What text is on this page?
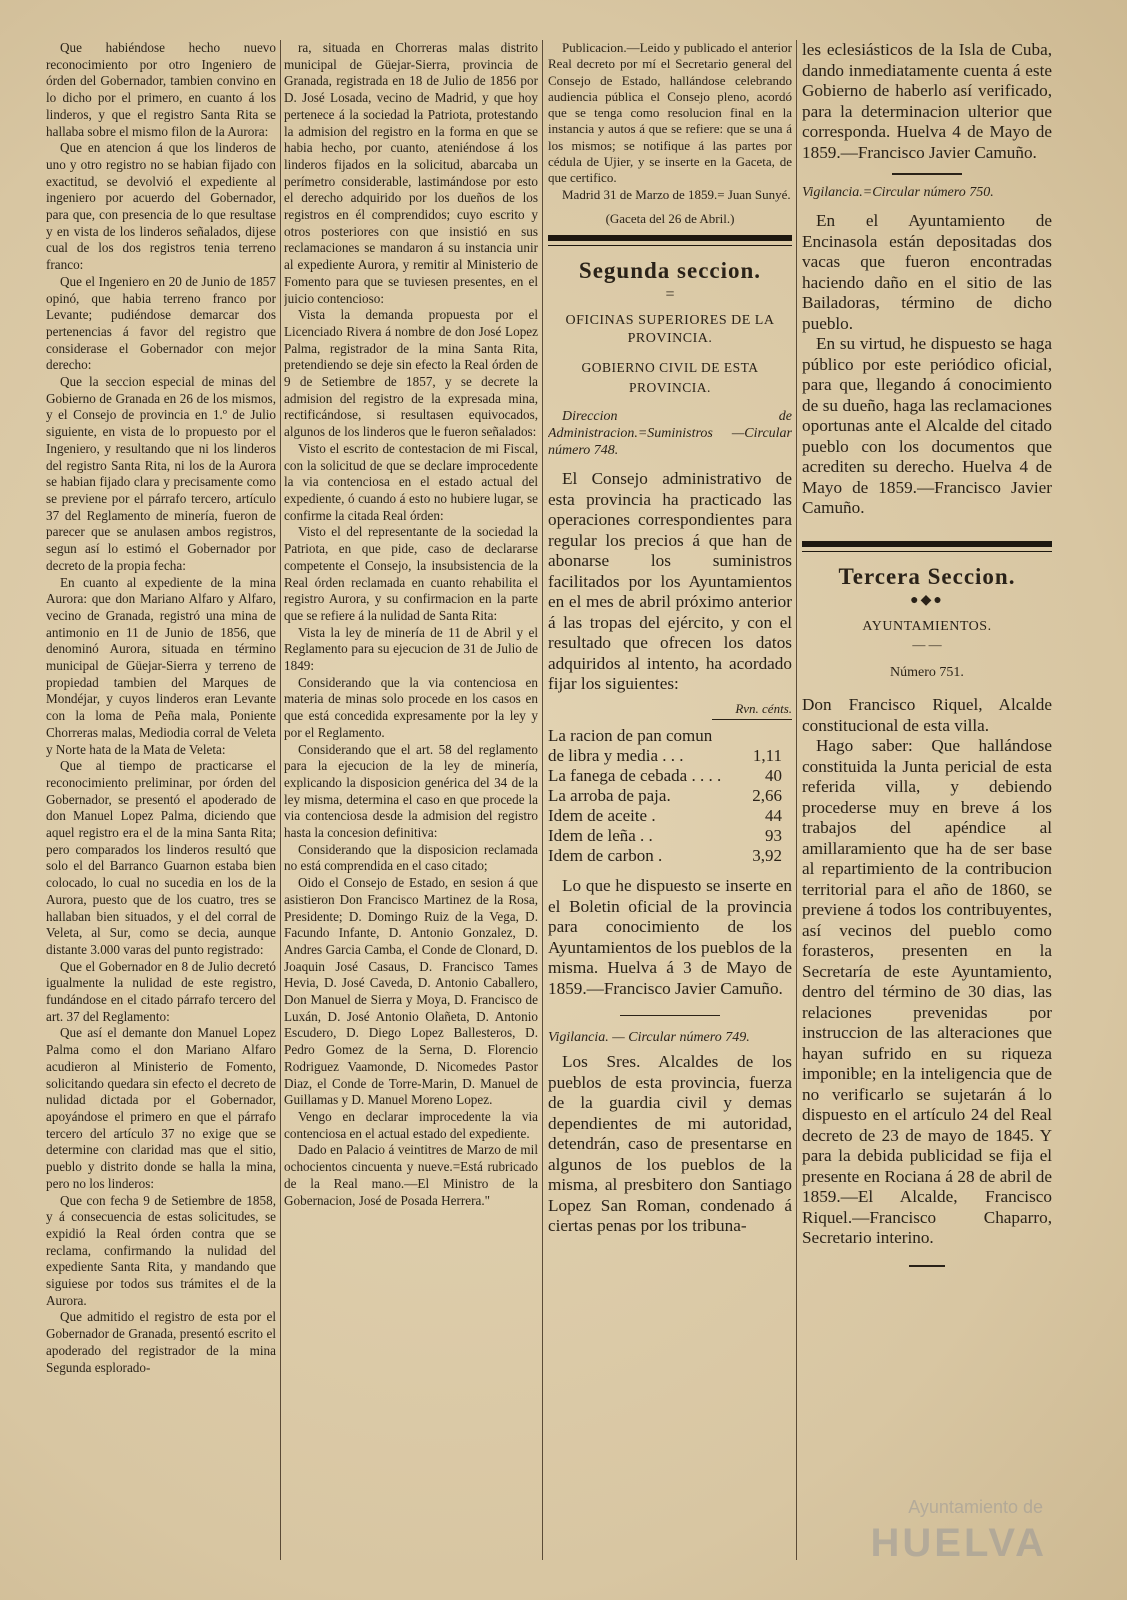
Que habiéndose hecho nuevo reconocimiento por otro Ingeniero de órden del Gobernador, tambien convino en lo dicho por el primero, en cuanto á los linderos, y que el registro Santa Rita se hallaba sobre el mismo filon de la Aurora:

Que en atencion á que los linderos de uno y otro registro no se habian fijado con exactitud, se devolvió el expediente al ingeniero por acuerdo del Gobernador, para que, con presencia de lo que resultase y en vista de los linderos señalados, dijese cual de los dos registros tenia terreno franco:

Que el Ingeniero en 20 de Junio de 1857 opinó, que habia terreno franco por Levante; pudiéndose demarcar dos pertenencias á favor del registro que considerase el Gobernador con mejor derecho:

Que la seccion especial de minas del Gobierno de Granada en 26 de los mismos, y el Consejo de provincia en 1.º de Julio siguiente, en vista de lo propuesto por el Ingeniero, y resultando que ni los linderos del registro Santa Rita, ni los de la Aurora se habian fijado clara y precisamente como se previene por el párrafo tercero, artículo 37 del Reglamento de minería, fueron de parecer que se anulasen ambos registros, segun así lo estimó el Gobernador por decreto de la propia fecha:

En cuanto al expediente de la mina Aurora: que don Mariano Alfaro y Alfaro, vecino de Granada, registró una mina de antimonio en 11 de Junio de 1856, que denominó Aurora, situada en término municipal de Güejar-Sierra y terreno de propiedad tambien del Marques de Mondéjar, y cuyos linderos eran Levante con la loma de Peña mala, Poniente Chorreras malas, Mediodia corral de Veleta y Norte hata de la Mata de Veleta:

Que al tiempo de practicarse el reconocimiento preliminar, por órden del Gobernador, se presentó el apoderado de don Manuel Lopez Palma, diciendo que aquel registro era el de la mina Santa Rita; pero comparados los linderos resultó que solo el del Barranco Guarnon estaba bien colocado, lo cual no sucedia en los de la Aurora, puesto que de los cuatro, tres se hallaban bien situados, y el del corral de Veleta, al Sur, como se decia, aunque distante 3.000 varas del punto registrado:

Que el Gobernador en 8 de Julio decretó igualmente la nulidad de este registro, fundándose en el citado párrafo tercero del art. 37 del Reglamento:

Que así el demante don Manuel Lopez Palma como el don Mariano Alfaro acudieron al Ministerio de Fomento, solicitando quedara sin efecto el decreto de nulidad dictada por el Gobernador, apoyándose el primero en que el párrafo tercero del artículo 37 no exige que se determine con claridad mas que el sitio, pueblo y distrito donde se halla la mina, pero no los linderos:

Que con fecha 9 de Setiembre de 1858, y á consecuencia de estas solicitudes, se expidió la Real órden contra que se reclama, confirmando la nulidad del expediente Santa Rita, y mandando que siguiese por todos sus trámites el de la Aurora.

Que admitido el registro de esta por el Gobernador de Granada, presentó escrito el apoderado del registrador de la mina Segunda esplorado-

ra, situada en Chorreras malas distrito municipal de Güejar-Sierra, provincia de Granada, registrada en 18 de Julio de 1856 por D. José Losada, vecino de Madrid, y que hoy pertenece á la sociedad la Patriota, protestando la admision del registro en la forma en que se habia hecho, por cuanto, ateniéndose á los linderos fijados en la solicitud, abarcaba un perímetro considerable, lastimándose por esto el derecho adquirido por los dueños de los registros en él comprendidos; cuyo escrito y otros posteriores con que insistió en sus reclamaciones se mandaron á su instancia unir al expediente Aurora, y remitir al Ministerio de Fomento para que se tuviesen presentes, en el juicio contencioso:

Vista la demanda propuesta por el Licenciado Rivera á nombre de don José Lopez Palma, registrador de la mina Santa Rita, pretendiendo se deje sin efecto la Real órden de 9 de Setiembre de 1857, y se decrete la admision del registro de la expresada mina, rectificándose, si resultasen equivocados, algunos de los linderos que le fueron señalados:

Visto el escrito de contestacion de mi Fiscal, con la solicitud de que se declare improcedente la via contenciosa en el estado actual del expediente, ó cuando á esto no hubiere lugar, se confirme la citada Real órden:

Visto el del representante de la sociedad la Patriota, en que pide, caso de declararse competente el Consejo, la insubsistencia de la Real órden reclamada en cuanto rehabilita el registro Aurora, y su confirmacion en la parte que se refiere á la nulidad de Santa Rita:

Vista la ley de minería de 11 de Abril y el Reglamento para su ejecucion de 31 de Julio de 1849:

Considerando que la via contenciosa en materia de minas solo procede en los casos en que está concedida expresamente por la ley y por el Reglamento.

Considerando que el art. 58 del reglamento para la ejecucion de la ley de minería, explicando la disposicion genérica del 34 de la ley misma, determina el caso en que procede la via contenciosa desde la admision del registro hasta la concesion definitiva:

Considerando que la disposicion reclamada no está comprendida en el caso citado;

Oido el Consejo de Estado, en sesion á que asistieron Don Francisco Martinez de la Rosa, Presidente; D. Domingo Ruiz de la Vega, D. Facundo Infante, D. Antonio Gonzalez, D. Andres Garcia Camba, el Conde de Clonard, D. Joaquin José Casaus, D. Francisco Tames Hevia, D. José Caveda, D. Antonio Caballero, Don Manuel de Sierra y Moya, D. Francisco de Luxán, D. José Antonio Olañeta, D. Antonio Escudero, D. Diego Lopez Ballesteros, D. Pedro Gomez de la Serna, D. Florencio Rodriguez Vaamonde, D. Nicomedes Pastor Diaz, el Conde de Torre-Marin, D. Manuel de Guillamas y D. Manuel Moreno Lopez.

Vengo en declarar improcedente la via contenciosa en el actual estado del expediente.

Dado en Palacio á veintitres de Marzo de mil ochocientos cincuenta y nueve.=Está rubricado de la Real mano.—El Ministro de la Gobernacion, José de Posada Herrera."

Publicacion.—Leido y publicado el anterior Real decreto por mí el Secretario general del Consejo de Estado, hallándose celebrando audiencia pública el Consejo pleno, acordó que se tenga como resolucion final en la instancia y autos á que se refiere: que se una á los mismos; se notifique á las partes por cédula de Ujier, y se inserte en la Gaceta, de que certifico.

Madrid 31 de Marzo de 1859.= Juan Sunyé.

(Gaceta del 26 de Abril.)

Segunda seccion.
=

OFICINAS SUPERIORES DE LA PROVINCIA.

GOBIERNO CIVIL DE ESTA PROVINCIA.

Direccion de Administracion.=Suministros —Circular número 748.

El Consejo administrativo de esta provincia ha practicado las operaciones correspondientes para regular los precios á que han de abonarse los suministros facilitados por los Ayuntamientos en el mes de abril próximo anterior á las tropas del ejército, y con el resultado que ofrecen los datos adquiridos al intento, ha acordado fijar los siguientes:

Rvn. cénts.

La racion de pan comun de libra y media . . .	1,11
La fanega de cebada . . . .	40
La arroba de paja.	2,66
Idem de aceite .	44
Idem de leña . .	93
Idem de carbon .	3,92

Lo que he dispuesto se inserte en el Boletin oficial de la provincia para conocimiento de los Ayuntamientos de los pueblos de la misma. Huelva á 3 de Mayo de 1859.—Francisco Javier Camuño.

Vigilancia. — Circular número 749.

Los Sres. Alcaldes de los pueblos de esta provincia, fuerza de la guardia civil y demas dependientes de mi autoridad, detendrán, caso de presentarse en algunos de los pueblos de la misma, al presbitero don Santiago Lopez San Roman, condenado á ciertas penas por los tribuna-

les eclesiásticos de la Isla de Cuba, dando inmediatamente cuenta á este Gobierno de haberlo así verificado, para la determinacion ulterior que corresponda. Huelva 4 de Mayo de 1859.—Francisco Javier Camuño.

Vigilancia.=Circular número 750.

En el Ayuntamiento de Encinasola están depositadas dos vacas que fueron encontradas haciendo daño en el sitio de las Bailadoras, término de dicho pueblo.

En su virtud, he dispuesto se haga público por este periódico oficial, para que, llegando á conocimiento de su dueño, haga las reclamaciones oportunas ante el Alcalde del citado pueblo con los documentos que acrediten su derecho. Huelva 4 de Mayo de 1859.—Francisco Javier Camuño.

Tercera Seccion.
●◆●

AYUNTAMIENTOS.

— —

Número 751.

Don Francisco Riquel, Alcalde constitucional de esta villa.

Hago saber: Que hallándose constituida la Junta pericial de esta referida villa, y debiendo procederse muy en breve á los trabajos del apéndice al amillaramiento que ha de ser base al repartimiento de la contribucion territorial para el año de 1860, se previene á todos los contribuyentes, así vecinos del pueblo como forasteros, presenten en la Secretaría de este Ayuntamiento, dentro del término de 30 dias, las relaciones prevenidas por instruccion de las alteraciones que hayan sufrido en su riqueza imponible; en la inteligencia que de no verificarlo se sujetarán á lo dispuesto en el artículo 24 del Real decreto de 23 de mayo de 1845. Y para la debida publicidad se fija el presente en Rociana á 28 de abril de 1859.—El Alcalde, Francisco Riquel.—Francisco Chaparro, Secretario interino.

Ayuntamiento de
HUELVA
